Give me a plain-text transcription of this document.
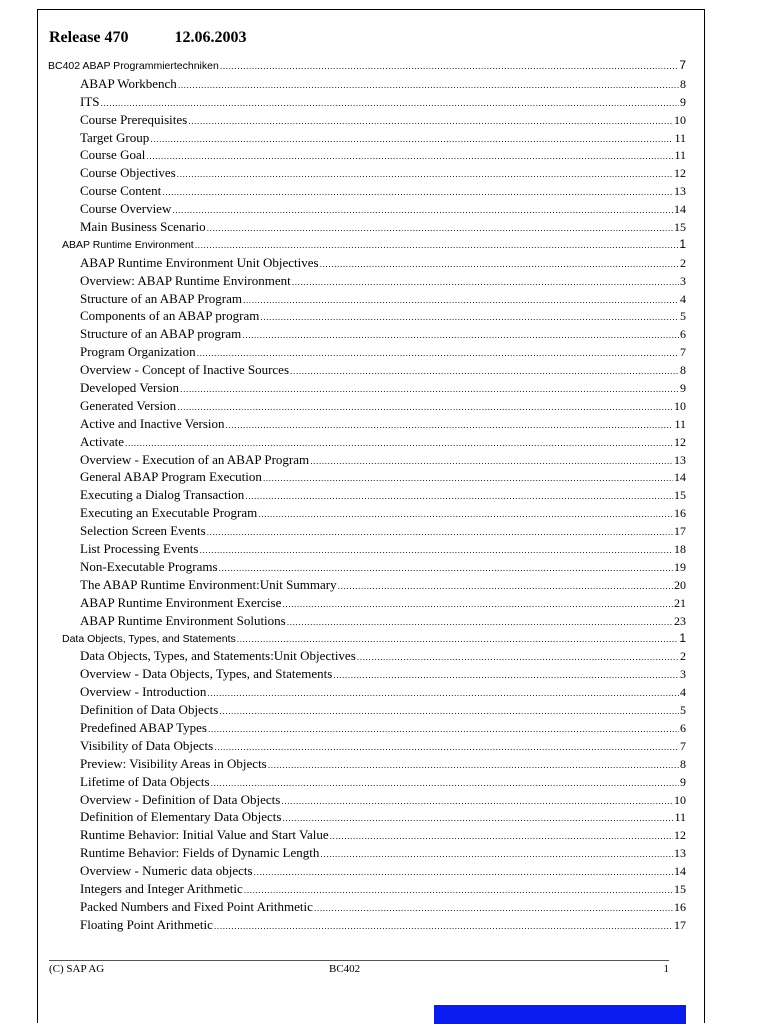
Release 470	12.06.2003
BC402 ABAP Programmiertechniken .....	7
ABAP Workbench .....	8
ITS .....	9
Course Prerequisites .....	10
Target Group .....	11
Course Goal .....	11
Course Objectives .....	12
Course Content .....	13
Course Overview .....	14
Main Business Scenario .....	15
ABAP Runtime Environment .....	1
ABAP Runtime Environment Unit Objectives .....	2
Overview: ABAP Runtime Environment .....	3
Structure of an ABAP Program .....	4
Components of an ABAP program .....	5
Structure of an ABAP program .....	6
Program Organization .....	7
Overview - Concept of Inactive Sources .....	8
Developed Version .....	9
Generated Version .....	10
Active and Inactive Version .....	11
Activate .....	12
Overview - Execution of an ABAP Program .....	13
General ABAP Program Execution .....	14
Executing a Dialog Transaction .....	15
Executing an Executable Program .....	16
Selection Screen Events .....	17
List Processing Events .....	18
Non-Executable Programs .....	19
The ABAP Runtime Environment:Unit Summary .....	20
ABAP Runtime Environment Exercise .....	21
ABAP Runtime Environment Solutions .....	23
Data Objects, Types, and Statements .....	1
Data Objects, Types, and Statements:Unit Objectives .....	2
Overview - Data Objects, Types, and Statements .....	3
Overview - Introduction .....	4
Definition of Data Objects .....	5
Predefined ABAP Types .....	6
Visibility of Data Objects .....	7
Preview: Visibility Areas in Objects .....	8
Lifetime of Data Objects .....	9
Overview - Definition of Data Objects .....	10
Definition of Elementary Data Objects .....	11
Runtime Behavior: Initial Value and Start Value .....	12
Runtime Behavior: Fields of Dynamic Length .....	13
Overview - Numeric data objects .....	14
Integers and Integer Arithmetic .....	15
Packed Numbers and Fixed Point Arithmetic .....	16
Floating Point Arithmetic .....	17
(C) SAP AG	BC402	1
